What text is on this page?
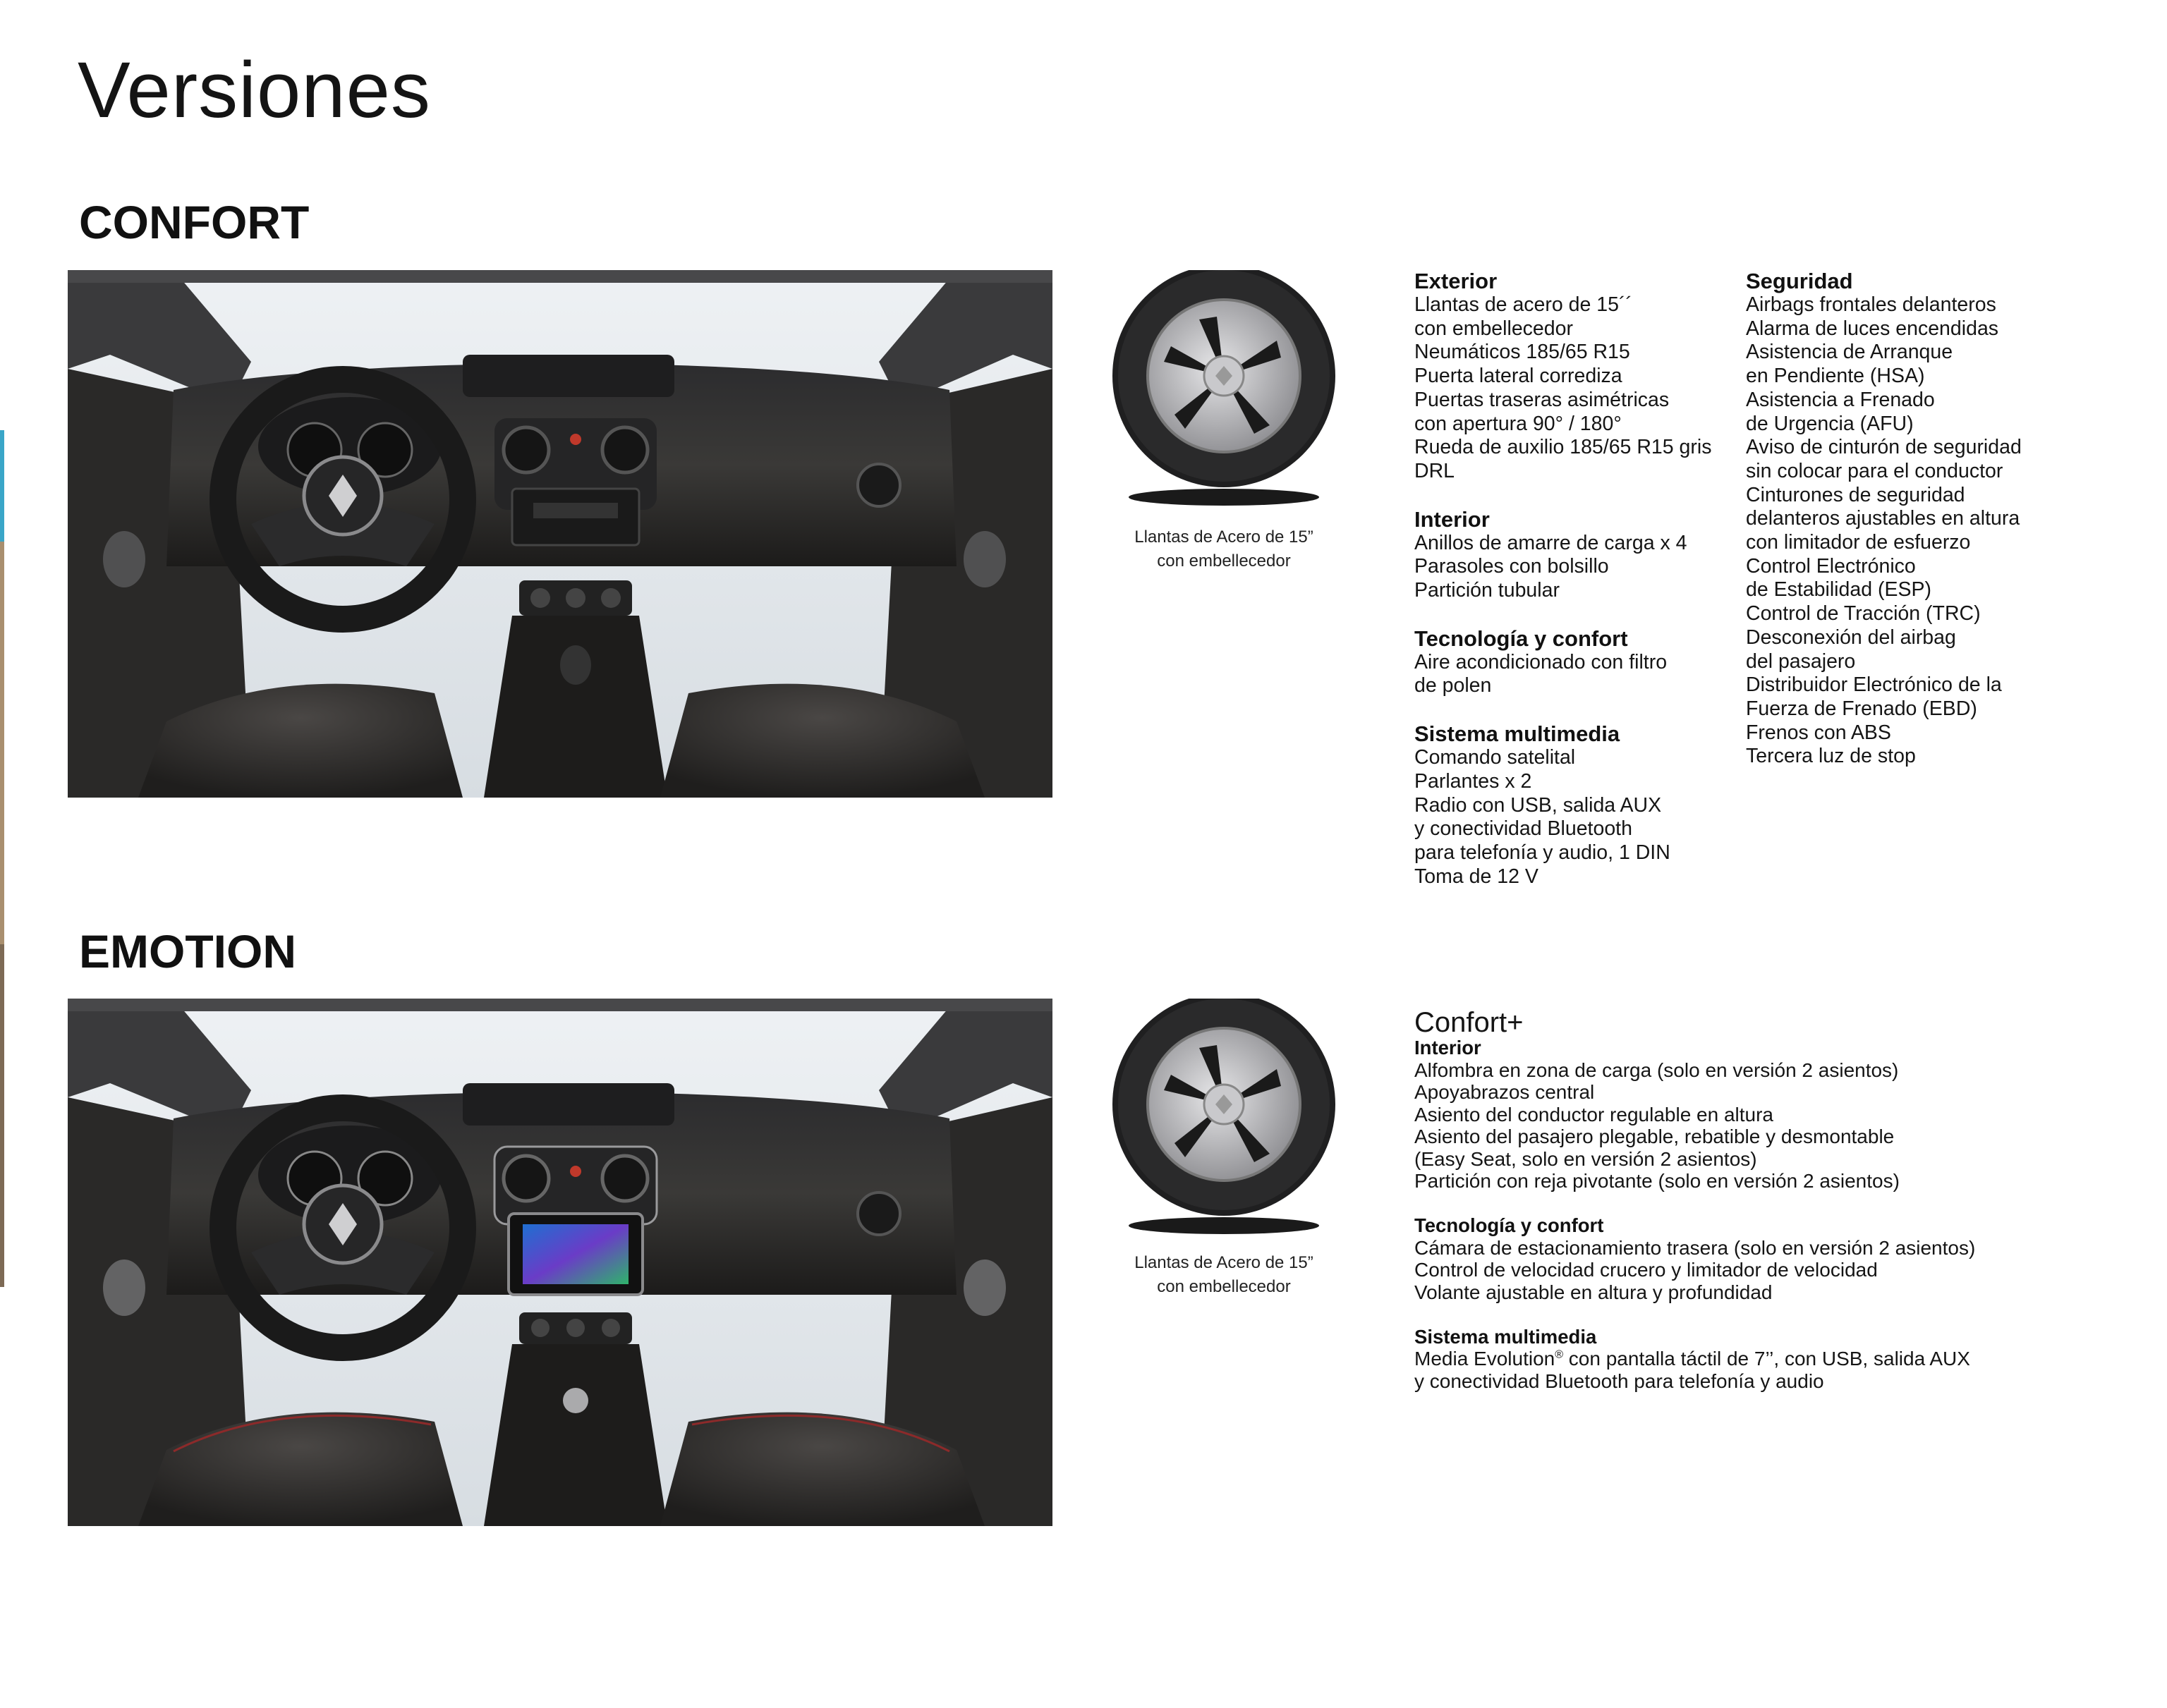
Versiones
CONFORT
Llantas de Acero de 15”
con embellecedor
Exterior
Llantas de acero de 15´´
con embellecedor
Neumáticos 185/65 R15
Puerta lateral corrediza
Puertas traseras asimétricas
con apertura 90° / 180°
Rueda de auxilio 185/65 R15 gris
DRL
Interior
Anillos de amarre de carga x 4
Parasoles con bolsillo
Partición tubular
Tecnología y confort
Aire acondicionado con filtro
de polen
Sistema multimedia
Comando satelital
Parlantes x 2
Radio con USB, salida AUX
y conectividad Bluetooth
para telefonía y audio, 1 DIN
Toma de 12 V
Seguridad
Airbags frontales delanteros
Alarma de luces encendidas
Asistencia de Arranque
en Pendiente (HSA)
Asistencia a Frenado
de Urgencia (AFU)
Aviso de cinturón de seguridad
sin colocar para el conductor
Cinturones de seguridad
delanteros ajustables en altura
con limitador de esfuerzo
Control Electrónico
de Estabilidad (ESP)
Control de Tracción (TRC)
Desconexión del airbag
del pasajero
Distribuidor Electrónico de la
Fuerza de Frenado (EBD)
Frenos con ABS
Tercera luz de stop
EMOTION
Llantas de Acero de 15”
con embellecedor
Confort+
Interior
Alfombra en zona de carga (solo en versión 2 asientos)
Apoyabrazos central
Asiento del conductor regulable en altura
Asiento del pasajero plegable, rebatible y desmontable
(Easy Seat, solo en versión 2 asientos)
Partición con reja pivotante (solo en versión 2 asientos)
Tecnología y confort
Cámara de estacionamiento trasera (solo en versión 2 asientos)
Control de velocidad crucero y limitador de velocidad
Volante ajustable en altura y profundidad
Sistema multimedia
Media Evolution® con pantalla táctil de 7’’, con USB, salida AUX
y conectividad Bluetooth para telefonía y audio
